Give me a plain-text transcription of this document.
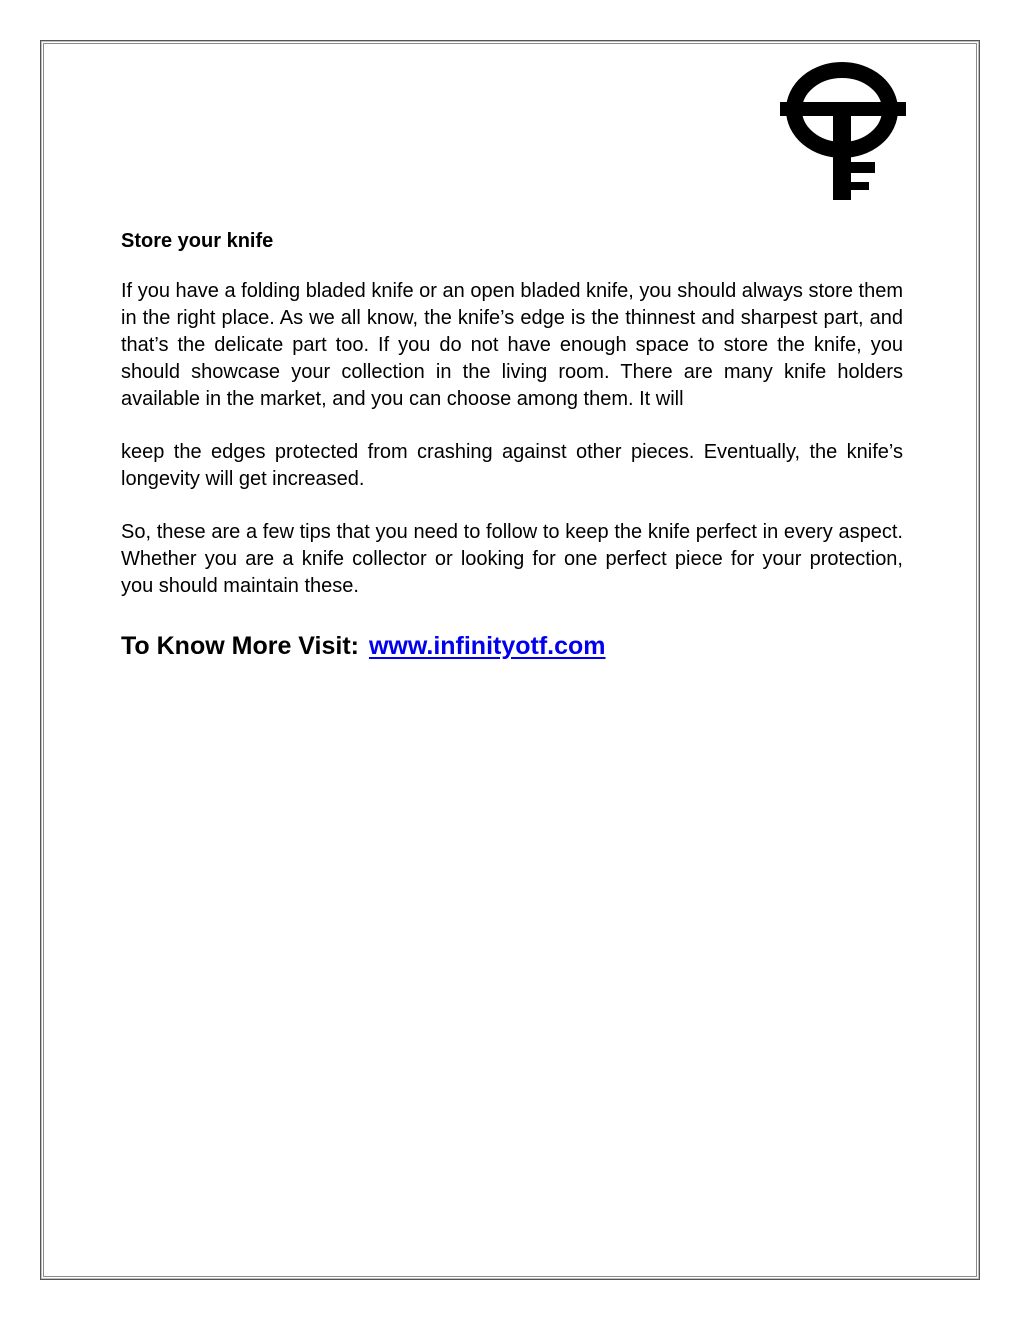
Store your knife

If you have a folding bladed knife or an open bladed knife, you should always store them in the right place. As we all know, the knife’s edge is the thinnest and sharpest part, and that’s the delicate part too. If you do not have enough space to store the knife, you should showcase your collection in the living room. There are many knife holders available in the market, and you can choose among them. It will

keep the edges protected from crashing against other pieces. Eventually, the knife’s longevity will get increased.

So, these are a few tips that you need to follow to keep the knife perfect in every aspect. Whether you are a knife collector or looking for one perfect piece for your protection, you should maintain these.

To Know More Visit: www.infinityotf.com
